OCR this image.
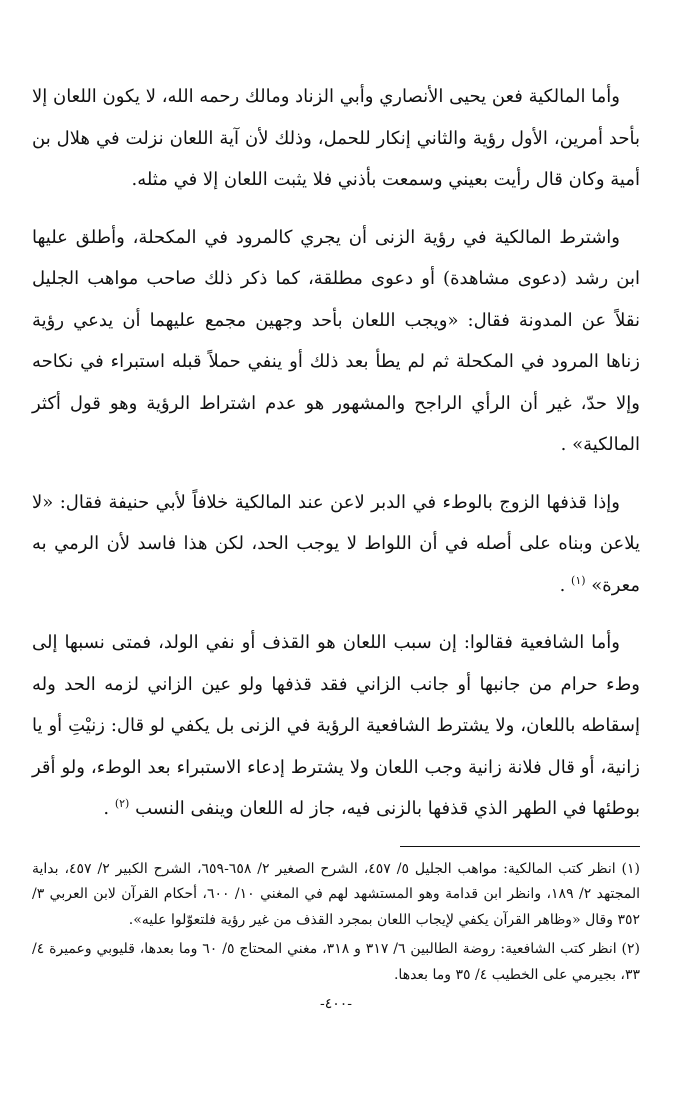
وأما المالكية فعن يحيى الأنصاري وأبي الزناد ومالك رحمه الله، لا يكون اللعان إلا بأحد أمرين، الأول رؤية والثاني إنكار للحمل، وذلك لأن آية اللعان نزلت في هلال بن أمية وكان قال رأيت بعيني وسمعت بأذني فلا يثبت اللعان إلا في مثله.

واشترط المالكية في رؤية الزنى أن يجري كالمرود في المكحلة، وأطلق عليها ابن رشد (دعوى مشاهدة) أو دعوى مطلقة، كما ذكر ذلك صاحب مواهب الجليل نقلاً عن المدونة فقال: «ويجب اللعان بأحد وجهين مجمع عليهما أن يدعي رؤية زناها المرود في المكحلة ثم لم يطأ بعد ذلك أو ينفي حملاً قبله استبراء في نكاحه وإلا حدّ، غير أن الرأي الراجح والمشهور هو عدم اشتراط الرؤية وهو قول أكثر المالكية» .

وإذا قذفها الزوج بالوطء في الدبر لاعن عند المالكية خلافاً لأبي حنيفة فقال: «لا يلاعن وبناه على أصله في أن اللواط لا يوجب الحد، لكن هذا فاسد لأن الرمي به معرة» $^{(١)}$ .

وأما الشافعية فقالوا: إن سبب اللعان هو القذف أو نفي الولد، فمتى نسبها إلى وطء حرام من جانبها أو جانب الزاني فقد قذفها ولو عين الزاني لزمه الحد وله إسقاطه باللعان، ولا يشترط الشافعية الرؤية في الزنى بل يكفي لو قال: زنيْتِ أو يا زانية، أو قال فلانة زانية وجب اللعان ولا يشترط إدعاء الاستبراء بعد الوطء، ولو أقر بوطئها في الطهر الذي قذفها بالزنى فيه، جاز له اللعان وينفى النسب $^{(٢)}$ .

(١) انظر كتب المالكية: مواهب الجليل ٥/ ٤٥٧، الشرح الصغير ٢/ ٦٥٨-٦٥٩، الشرح الكبير ٢/ ٤٥٧، بداية المجتهد ٢/ ١٨٩، وانظر ابن قدامة وهو المستشهد لهم في المغني ١٠/ ٦٠٠، أحكام القرآن لابن العربي ٣/ ٣٥٢ وقال «وظاهر القرآن يكفي لإيجاب اللعان بمجرد القذف من غير رؤية فلتعوّلوا عليه».

(٢) انظر كتب الشافعية: روضة الطالبين ٦/ ٣١٧ و ٣١٨، مغني المحتاج ٥/ ٦٠ وما بعدها، قليوبي وعميرة ٤/ ٣٣، بجيرمي على الخطيب ٤/ ٣٥ وما بعدها.

-٤٠٠-
